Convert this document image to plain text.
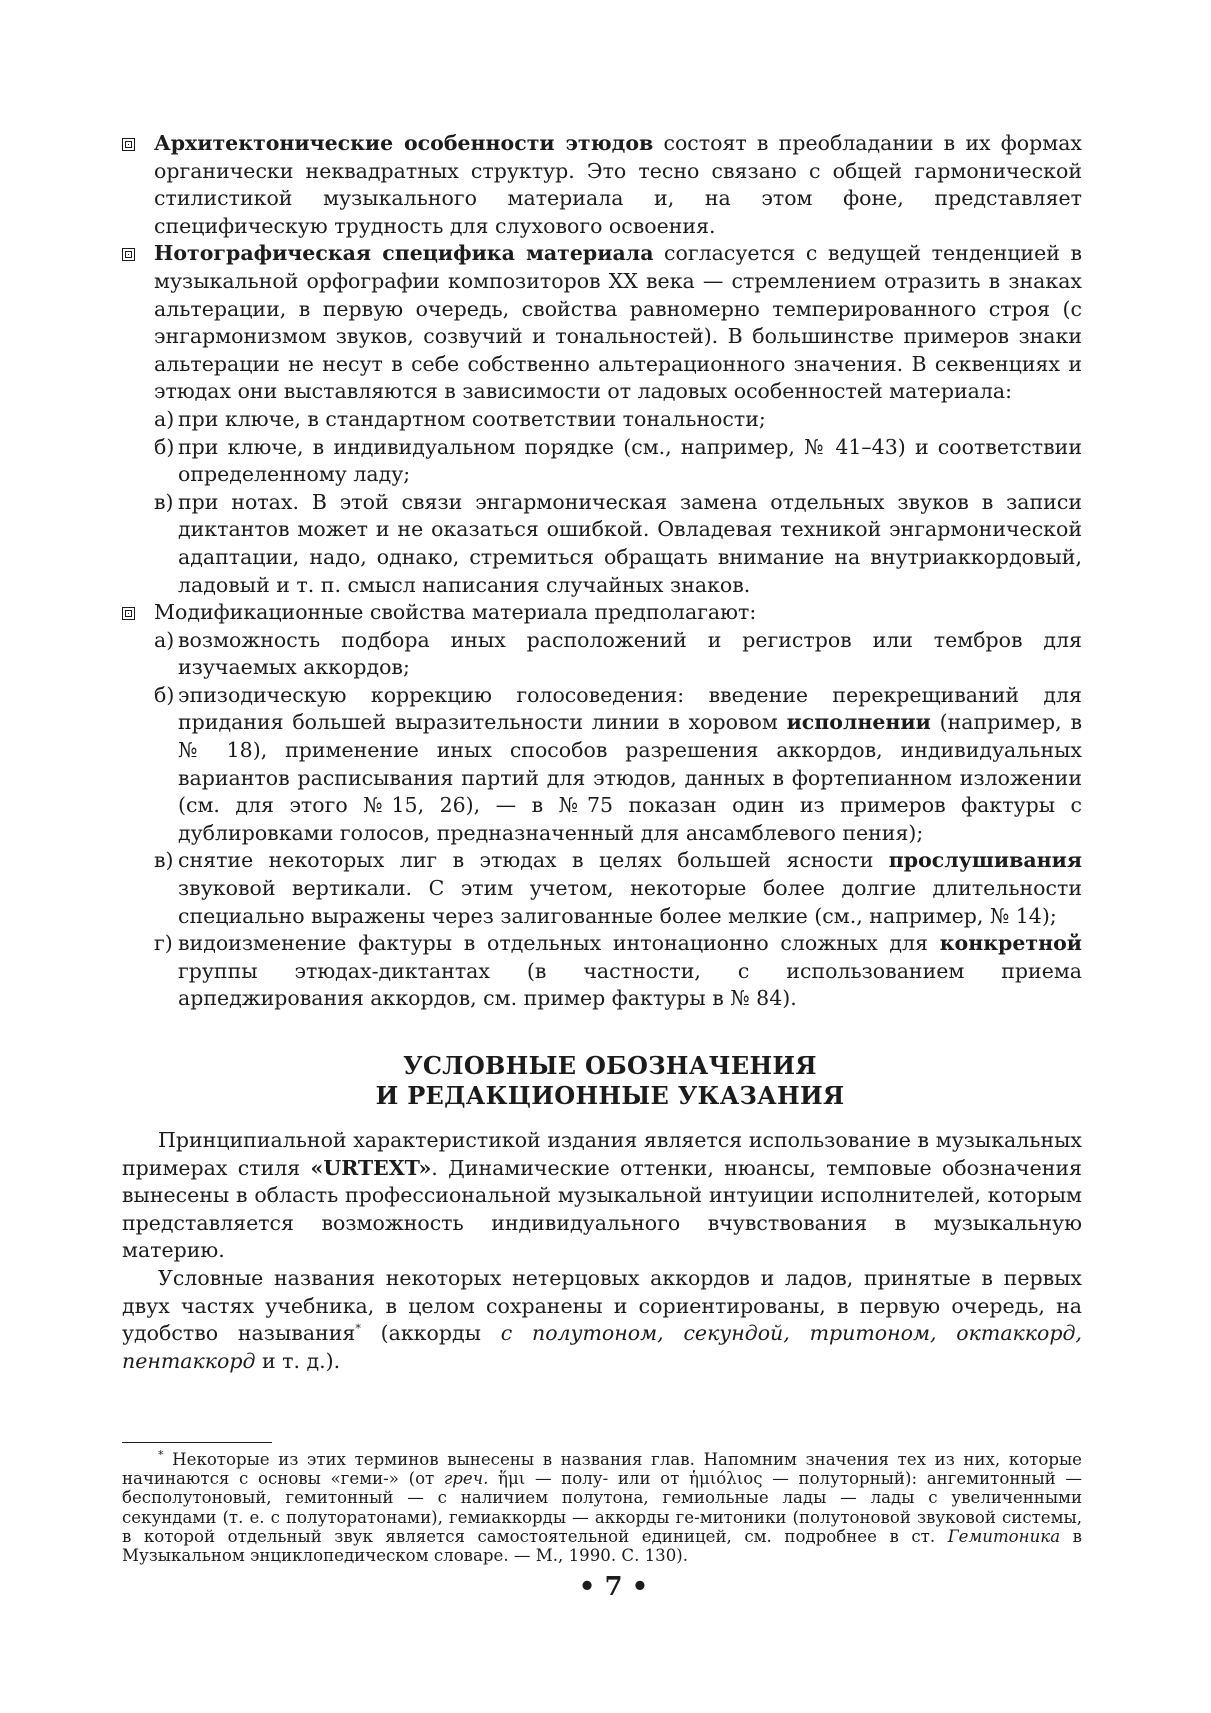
Архитектонические особенности этюдов состоят в преобладании в их формах органически неквадратных структур. Это тесно связано с общей гармонической стилистикой музыкального материала и, на этом фоне, представляет специфическую трудность для слухового освоения.
Нотографическая специфика материала согласуется с ведущей тенденцией в музыкальной орфографии композиторов XX века — стремлением отразить в знаках альтерации, в первую очередь, свойства равномерно темперированного строя (с энгармонизмом звуков, созвучий и тональностей). В большинстве примеров знаки альтерации не несут в себе собственно альтерационного значения. В секвенциях и этюдах они выставляются в зависимости от ладовых особенностей материала:
а) при ключе, в стандартном соответствии тональности;
б) при ключе, в индивидуальном порядке (см., например, № 41–43) и соответствии определенному ладу;
в) при нотах. В этой связи энгармоническая замена отдельных звуков в записи диктантов может и не оказаться ошибкой. Овладевая техникой энгармонической адаптации, надо, однако, стремиться обращать внимание на внутриаккордовый, ладовый и т. п. смысл написания случайных знаков.
Модификационные свойства материала предполагают:
а) возможность подбора иных расположений и регистров или тембров для изучаемых аккордов;
б) эпизодическую коррекцию голосоведения: введение перекрещиваний для придания большей выразительности линии в хоровом исполнении (например, в № 18), применение иных способов разрешения аккордов, индивидуальных вариантов расписывания партий для этюдов, данных в фортепианном изложении (см. для этого №15, 26), — в №75 показан один из примеров фактуры с дублировками голосов, предназначенный для ансамблевого пения);
в) снятие некоторых лиг в этюдах в целях большей ясности прослушивания звуковой вертикали. С этим учетом, некоторые более долгие длительности специально выражены через залигованные более мелкие (см., например, № 14);
г) видоизменение фактуры в отдельных интонационно сложных для конкретной группы этюдах-диктантах (в частности, с использованием приема арпеджирования аккордов, см. пример фактуры в № 84).
УСЛОВНЫЕ ОБОЗНАЧЕНИЯ
И РЕДАКЦИОННЫЕ УКАЗАНИЯ
Принципиальной характеристикой издания является использование в музыкальных примерах стиля «URTEXT». Динамические оттенки, нюансы, темповые обозначения вынесены в область профессиональной музыкальной интуиции исполнителей, которым представляется возможность индивидуального вчувствования в музыкальную материю.
Условные названия некоторых нетерцовых аккордов и ладов, принятые в первых двух частях учебника, в целом сохранены и сориентированы, в первую очередь, на удобство называния* (аккорды с полутоном, секундой, тритоном, октаккорд, пентаккорд и т. д.).
* Некоторые из этих терминов вынесены в названия глав. Напомним значения тех из них, которые начинаются с основы «геми-» (от греч. ἥμι — полу- или от ἡμιόλιος — полуторный): ангемитонный — бесполутоновый, гемитонный — с наличием полутона, гемиольные лады — лады с увеличенными секундами (т. е. с полуторатонами), гемиаккорды — аккорды ге-митоники (полутоновой звуковой системы, в которой отдельный звук является самостоятельной единицей, см. подробнее в ст. Гемитоника в Музыкальном энциклопедическом словаре. — М., 1990. С. 130).
• 7 •
